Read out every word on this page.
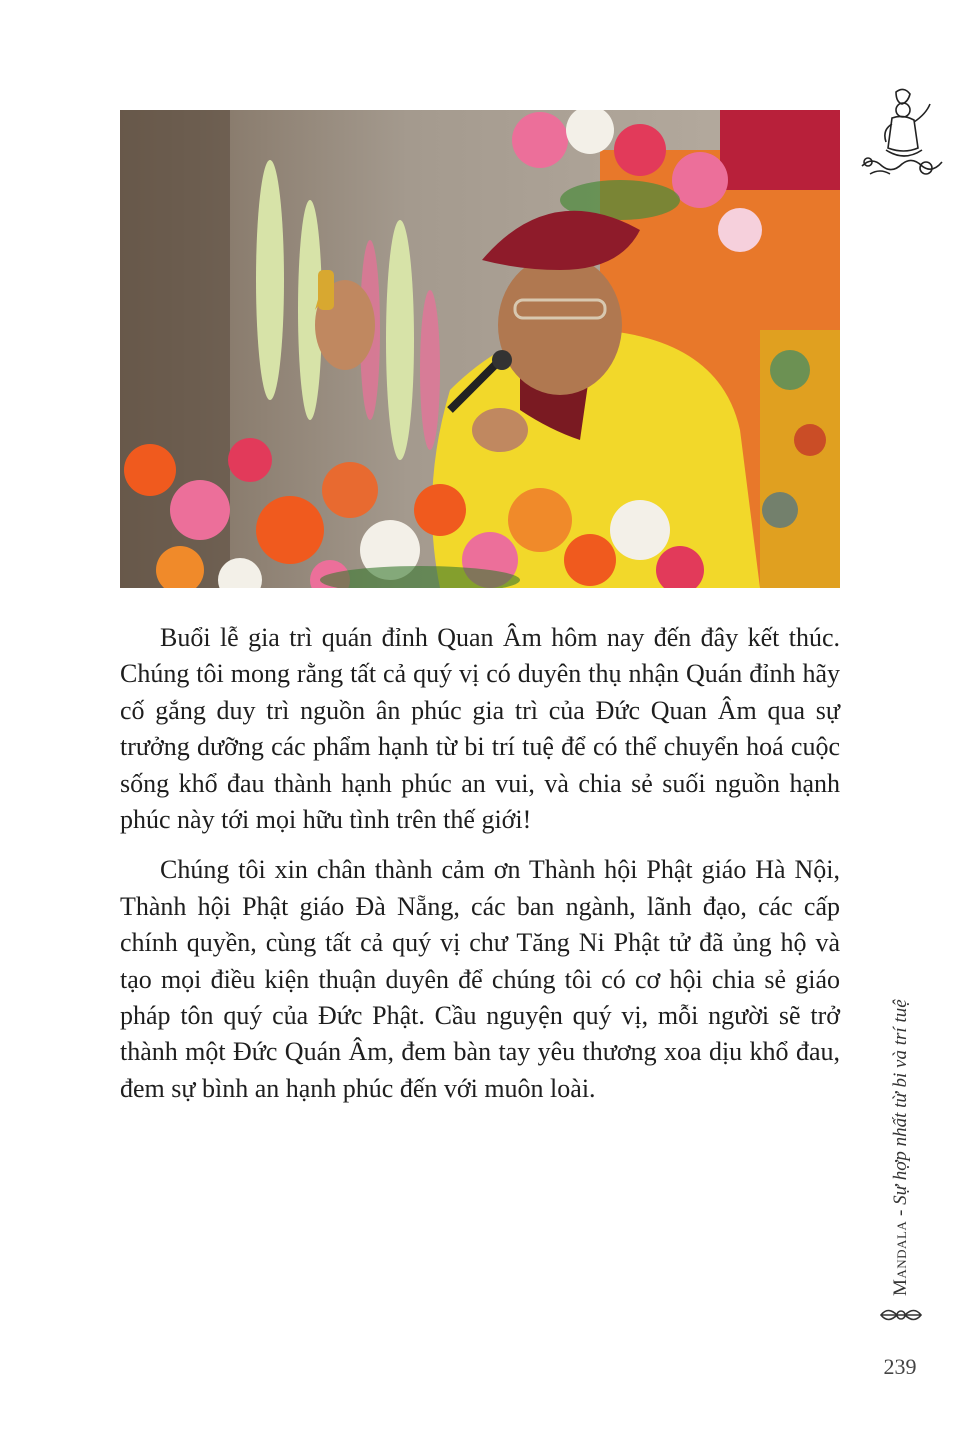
Buổi lễ gia trì quán đỉnh Quan Âm hôm nay đến đây kết thúc. Chúng tôi mong rằng tất cả quý vị có duyên thụ nhận Quán đỉnh hãy cố gắng duy trì nguồn ân phúc gia trì của Đức Quan Âm qua sự trưởng dưỡng các phẩm hạnh từ bi trí tuệ để có thể chuyển hoá cuộc sống khổ đau thành hạnh phúc an vui, và chia sẻ suối nguồn hạnh phúc này tới mọi hữu tình trên thế giới!

Chúng tôi xin chân thành cảm ơn Thành hội Phật giáo Hà Nội, Thành hội Phật giáo Đà Nẵng, các ban ngành, lãnh đạo, các cấp chính quyền, cùng tất cả quý vị chư Tăng Ni Phật tử đã ủng hộ và tạo mọi điều kiện thuận duyên để chúng tôi có cơ hội chia sẻ giáo pháp tôn quý của Đức Phật. Cầu nguyện quý vị, mỗi người sẽ trở thành một Đức Quán Âm, đem bàn tay yêu thương xoa dịu khổ đau, đem sự bình an hạnh phúc đến với muôn loài.

Mandala - Sự hợp nhất từ bi và trí tuệ
239
